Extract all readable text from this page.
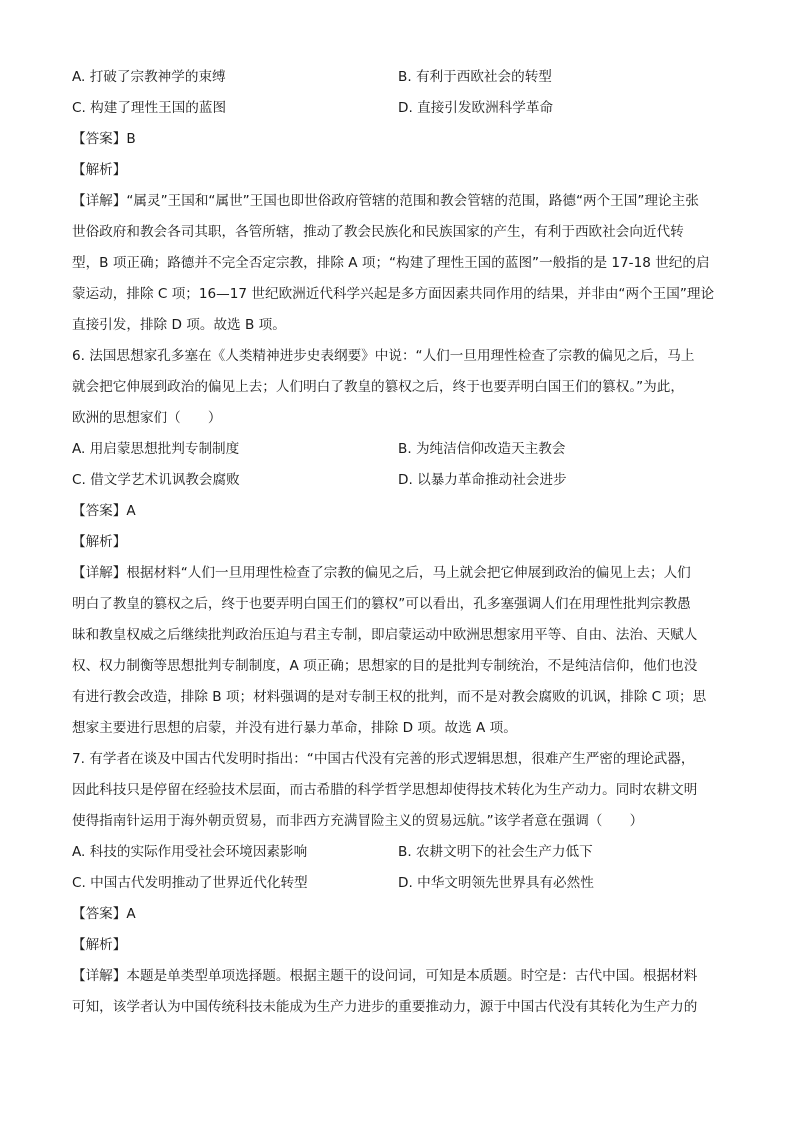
A. 打破了宗教神学的束缚	B. 有利于西欧社会的转型
C. 构建了理性王国的蓝图	D. 直接引发欧洲科学革命
【答案】B
【解析】
【详解】“属灵”王国和“属世”王国也即世俗政府管辖的范围和教会管辖的范围，路德“两个王国”理论主张
世俗政府和教会各司其职，各管所辖，推动了教会民族化和民族国家的产生，有利于西欧社会向近代转
型，B 项正确；路德并不完全否定宗教，排除 A 项；“构建了理性王国的蓝图”一般指的是 17-18 世纪的启
蒙运动，排除 C 项；16—17 世纪欧洲近代科学兴起是多方面因素共同作用的结果，并非由“两个王国”理论
直接引发，排除 D 项。故选 B 项。
6. 法国思想家孔多塞在《人类精神进步史表纲要》中说：“人们一旦用理性检查了宗教的偏见之后，马上
就会把它伸展到政治的偏见上去；人们明白了教皇的篡权之后，终于也要弄明白国王们的篡权。”为此，
欧洲的思想家们（　　）
A. 用启蒙思想批判专制制度	B. 为纯洁信仰改造天主教会
C. 借文学艺术讥讽教会腐败	D. 以暴力革命推动社会进步
【答案】A
【解析】
【详解】根据材料“人们一旦用理性检查了宗教的偏见之后，马上就会把它伸展到政治的偏见上去；人们
明白了教皇的篡权之后，终于也要弄明白国王们的篡权”可以看出，孔多塞强调人们在用理性批判宗教愚
昧和教皇权威之后继续批判政治压迫与君主专制，即启蒙运动中欧洲思想家用平等、自由、法治、天赋人
权、权力制衡等思想批判专制制度，A 项正确；思想家的目的是批判专制统治，不是纯洁信仰，他们也没
有进行教会改造，排除 B 项；材料强调的是对专制王权的批判，而不是对教会腐败的讥讽，排除 C 项；思
想家主要进行思想的启蒙，并没有进行暴力革命，排除 D 项。故选 A 项。
7. 有学者在谈及中国古代发明时指出：“中国古代没有完善的形式逻辑思想，很难产生严密的理论武器，
因此科技只是停留在经验技术层面，而古希腊的科学哲学思想却使得技术转化为生产动力。同时农耕文明
使得指南针运用于海外朝贡贸易，而非西方充满冒险主义的贸易远航。”该学者意在强调（　　）
A. 科技的实际作用受社会环境因素影响	B. 农耕文明下的社会生产力低下
C. 中国古代发明推动了世界近代化转型	D. 中华文明领先世界具有必然性
【答案】A
【解析】
【详解】本题是单类型单项选择题。根据主题干的设问词，可知是本质题。时空是：古代中国。根据材料
可知，该学者认为中国传统科技未能成为生产力进步的重要推动力，源于中国古代没有其转化为生产力的
